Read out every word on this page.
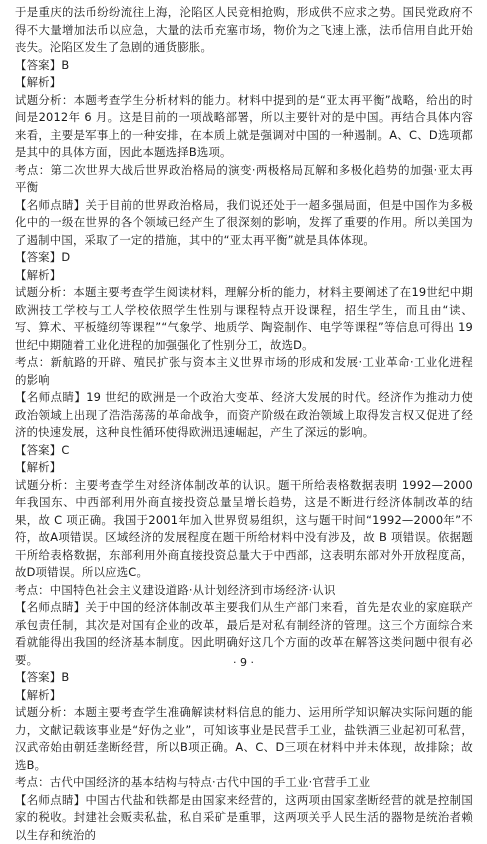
于是重庆的法币纷纷流往上海，沦陷区人民竞相抢购，形成供不应求之势。国民党政府不得不大量增加法币以应急，大量的法币充塞市场，物价为之飞速上涨，法币信用自此开始丧失。沦陷区发生了急剧的通货膨胀。

【答案】B

【解析】

试题分析：本题考查学生分析材料的能力。材料中提到的是“亚太再平衡”战略，给出的时间是2012年 6 月。这是目前的一项战略部署，所以主要针对的是中国。再结合具体内容来看，主要是军事上的一种安排，在本质上就是强调对中国的一种遏制。A、C、D选项都是其中的具体方面，因此本题选择B选项。

考点：第二次世界大战后世界政治格局的演变·两极格局瓦解和多极化趋势的加强·亚太再平衡

【名师点睛】关于目前的世界政治格局，我们说还处于一超多强局面，但是中国作为多极化中的一级在世界的各个领域已经产生了很深刻的影响，发挥了重要的作用。所以美国为了遏制中国，采取了一定的措施，其中的“亚太再平衡”就是具体体现。

【答案】D

【解析】

试题分析：本题主要考查学生阅读材料，理解分析的能力，材料主要阐述了在19世纪中期欧洲技工学校与工人学校依照学生性别与课程特点开设课程，招生学生，而且由“读、写、算术、平板缝纫等课程”“气象学、地质学、陶瓷制作、电学等课程”等信息可得出 19 世纪中期随着工业化进程的加强强化了性别分工，故选D。

考点：新航路的开辟、殖民扩张与资本主义世界市场的形成和发展·工业革命·工业化进程的影响

【名师点睛】19 世纪的欧洲是一个政治大变革、经济大发展的时代。经济作为推动力使政治领域上出现了浩浩荡荡的革命战争，而资产阶级在政治领域上取得发言权又促进了经济的快速发展，这种良性循环使得欧洲迅速崛起，产生了深远的影响。

【答案】C

【解析】

试题分析：主要考查学生对经济体制改革的认识。题干所给表格数据表明 1992—2000 年我国东、中西部利用外商直接投资总量呈增长趋势，这是不断进行经济体制改革的结果，故 C 项正确。我国于2001年加入世界贸易组织，这与题干时间“1992—2000年”不符，故A项错误。区域经济的发展程度在题干所给材料中没有涉及，故 B 项错误。依据题干所给表格数据，东部利用外商直接投资总量大于中西部，这表明东部对外开放程度高，故D项错误。所以应选C。

考点：中国特色社会主义建设道路·从计划经济到市场经济·认识

【名师点睛】关于中国的经济体制改革主要我们从生产部门来看，首先是农业的家庭联产承包责任制，其次是对国有企业的改革，最后是对私有制经济的管理。这三个方面综合来看就能得出我国的经济基本制度。因此明确好这几个方面的改革在解答这类问题中很有必要。

【答案】B

【解析】

试题分析：本题主要考查学生准确解读材料信息的能力、运用所学知识解决实际问题的能力，文献记载该事业是“好伪之业”，可知该事业是民营手工业，盐铁酒三业起初可私营，汉武帝始由朝廷垄断经营，所以B项正确。A、C、D三项在材料中并未体现，故排除；故选B。

考点：古代中国经济的基本结构与特点·古代中国的手工业·官营手工业

【名师点睛】中国古代盐和铁都是由国家来经营的，这两项由国家垄断经营的就是控制国家的税收。封建社会贩卖私盐，私自采矿是重罪，这两项关乎人民生活的器物是统治者赖以生存和统治的

· 9 ·
